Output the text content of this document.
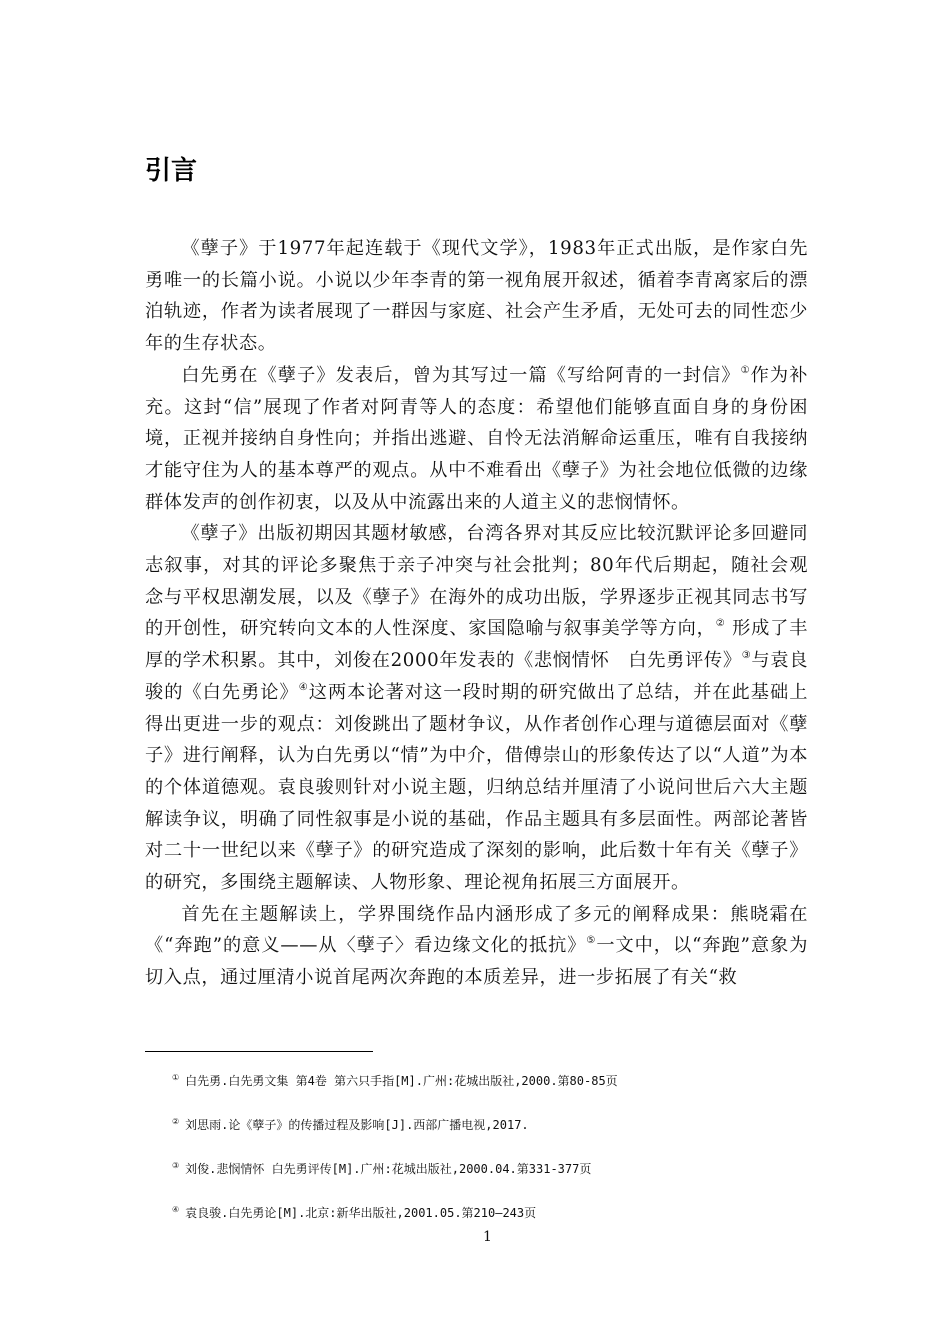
引言

《孽子》于1977年起连载于《现代文学》，1983年正式出版，是作家白先勇唯一的长篇小说。小说以少年李青的第一视角展开叙述，循着李青离家后的漂泊轨迹，作者为读者展现了一群因与家庭、社会产生矛盾，无处可去的同性恋少年的生存状态。

白先勇在《孽子》发表后，曾为其写过一篇《写给阿青的一封信》①作为补充。这封“信”展现了作者对阿青等人的态度：希望他们能够直面自身的身份困境，正视并接纳自身性向；并指出逃避、自怜无法消解命运重压，唯有自我接纳才能守住为人的基本尊严的观点。从中不难看出《孽子》为社会地位低微的边缘群体发声的创作初衷，以及从中流露出来的人道主义的悲悯情怀。

《孽子》出版初期因其题材敏感，台湾各界对其反应比较沉默评论多回避同志叙事，对其的评论多聚焦于亲子冲突与社会批判；80年代后期起，随社会观念与平权思潮发展，以及《孽子》在海外的成功出版，学界逐步正视其同志书写的开创性，研究转向文本的人性深度、家国隐喻与叙事美学等方向，② 形成了丰厚的学术积累。其中，刘俊在2000年发表的《悲悯情怀　白先勇评传》③与袁良骏的《白先勇论》④这两本论著对这一段时期的研究做出了总结，并在此基础上得出更进一步的观点：刘俊跳出了题材争议，从作者创作心理与道德层面对《孽子》进行阐释，认为白先勇以“情”为中介，借傅崇山的形象传达了以“人道”为本的个体道德观。袁良骏则针对小说主题，归纳总结并厘清了小说问世后六大主题解读争议，明确了同性叙事是小说的基础，作品主题具有多层面性。两部论著皆对二十一世纪以来《孽子》的研究造成了深刻的影响，此后数十年有关《孽子》的研究，多围绕主题解读、人物形象、理论视角拓展三方面展开。

首先在主题解读上，学界围绕作品内涵形成了多元的阐释成果：熊晓霜在《“奔跑”的意义——从〈孽子〉看边缘文化的抵抗》⑤一文中，以“奔跑”意象为切入点，通过厘清小说首尾两次奔跑的本质差异，进一步拓展了有关“救

① 白先勇.白先勇文集 第4卷 第六只手指[M].广州:花城出版社,2000.第80-85页
② 刘思雨.论《孽子》的传播过程及影响[J].西部广播电视,2017.
③ 刘俊.悲悯情怀 白先勇评传[M].广州:花城出版社,2000.04.第331-377页
④ 袁良骏.白先勇论[M].北京:新华出版社,2001.05.第210–243页
1
